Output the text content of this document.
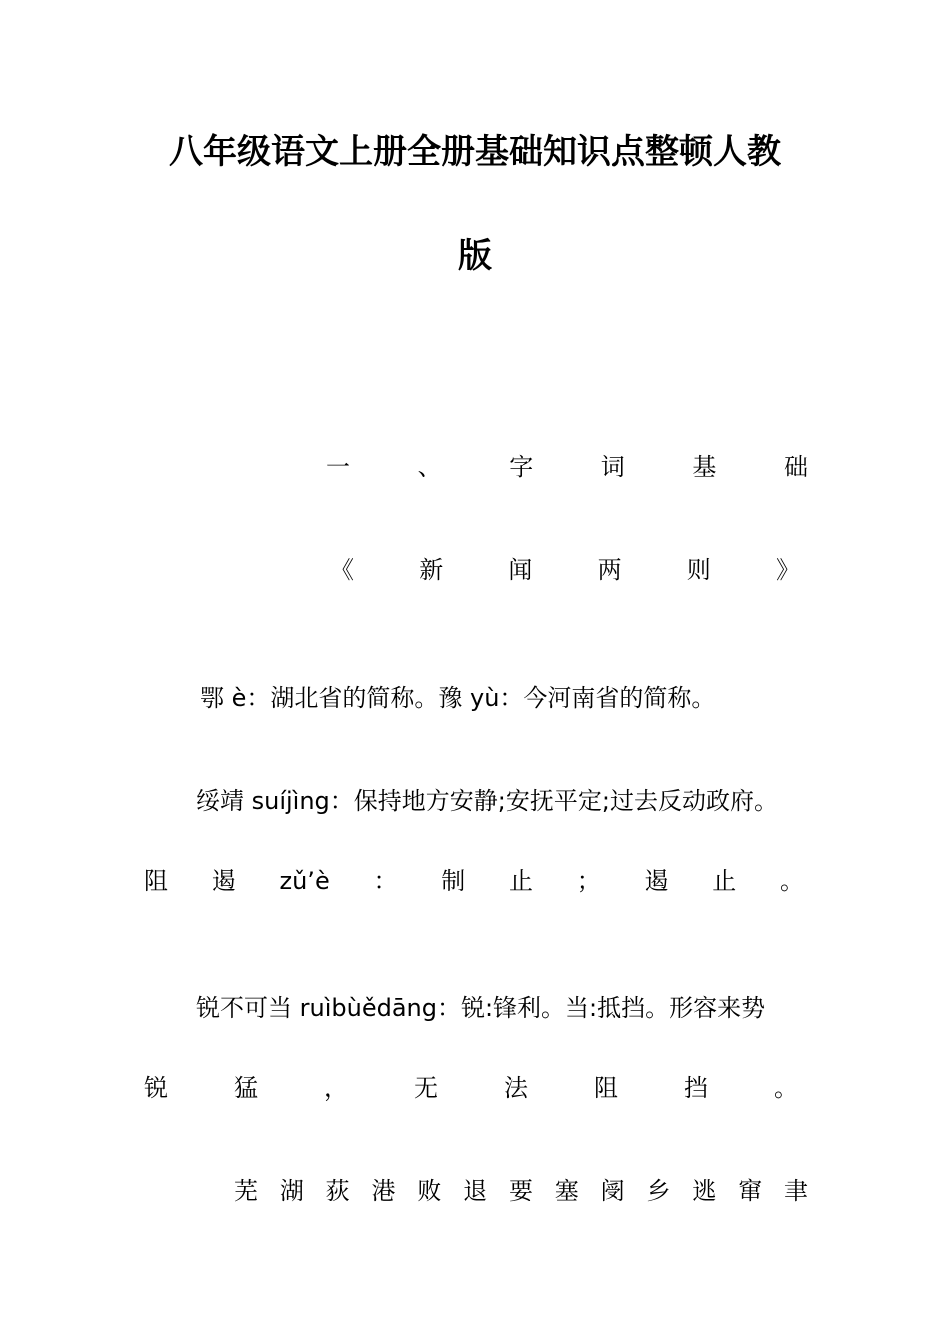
八年级语文上册全册基础知识点整顿人教
版
一	、	字	词	基	础
《	新	闻	两	则	》

鄂 è：湖北省的简称。豫 yù：今河南省的简称。

绥靖 suíjìng：保持地方安静;安抚平定;过去反动政府。

阻 遏 zǔ’è ： 制 止 ； 遏 止 。

锐不可当 ruìbùědāng：锐:锋利。当:抵挡。形容来势

锐	猛	，	无	法	阻	挡	。
芜 湖 荻 港 败 退 要 塞 阌 乡 逃 窜 聿
